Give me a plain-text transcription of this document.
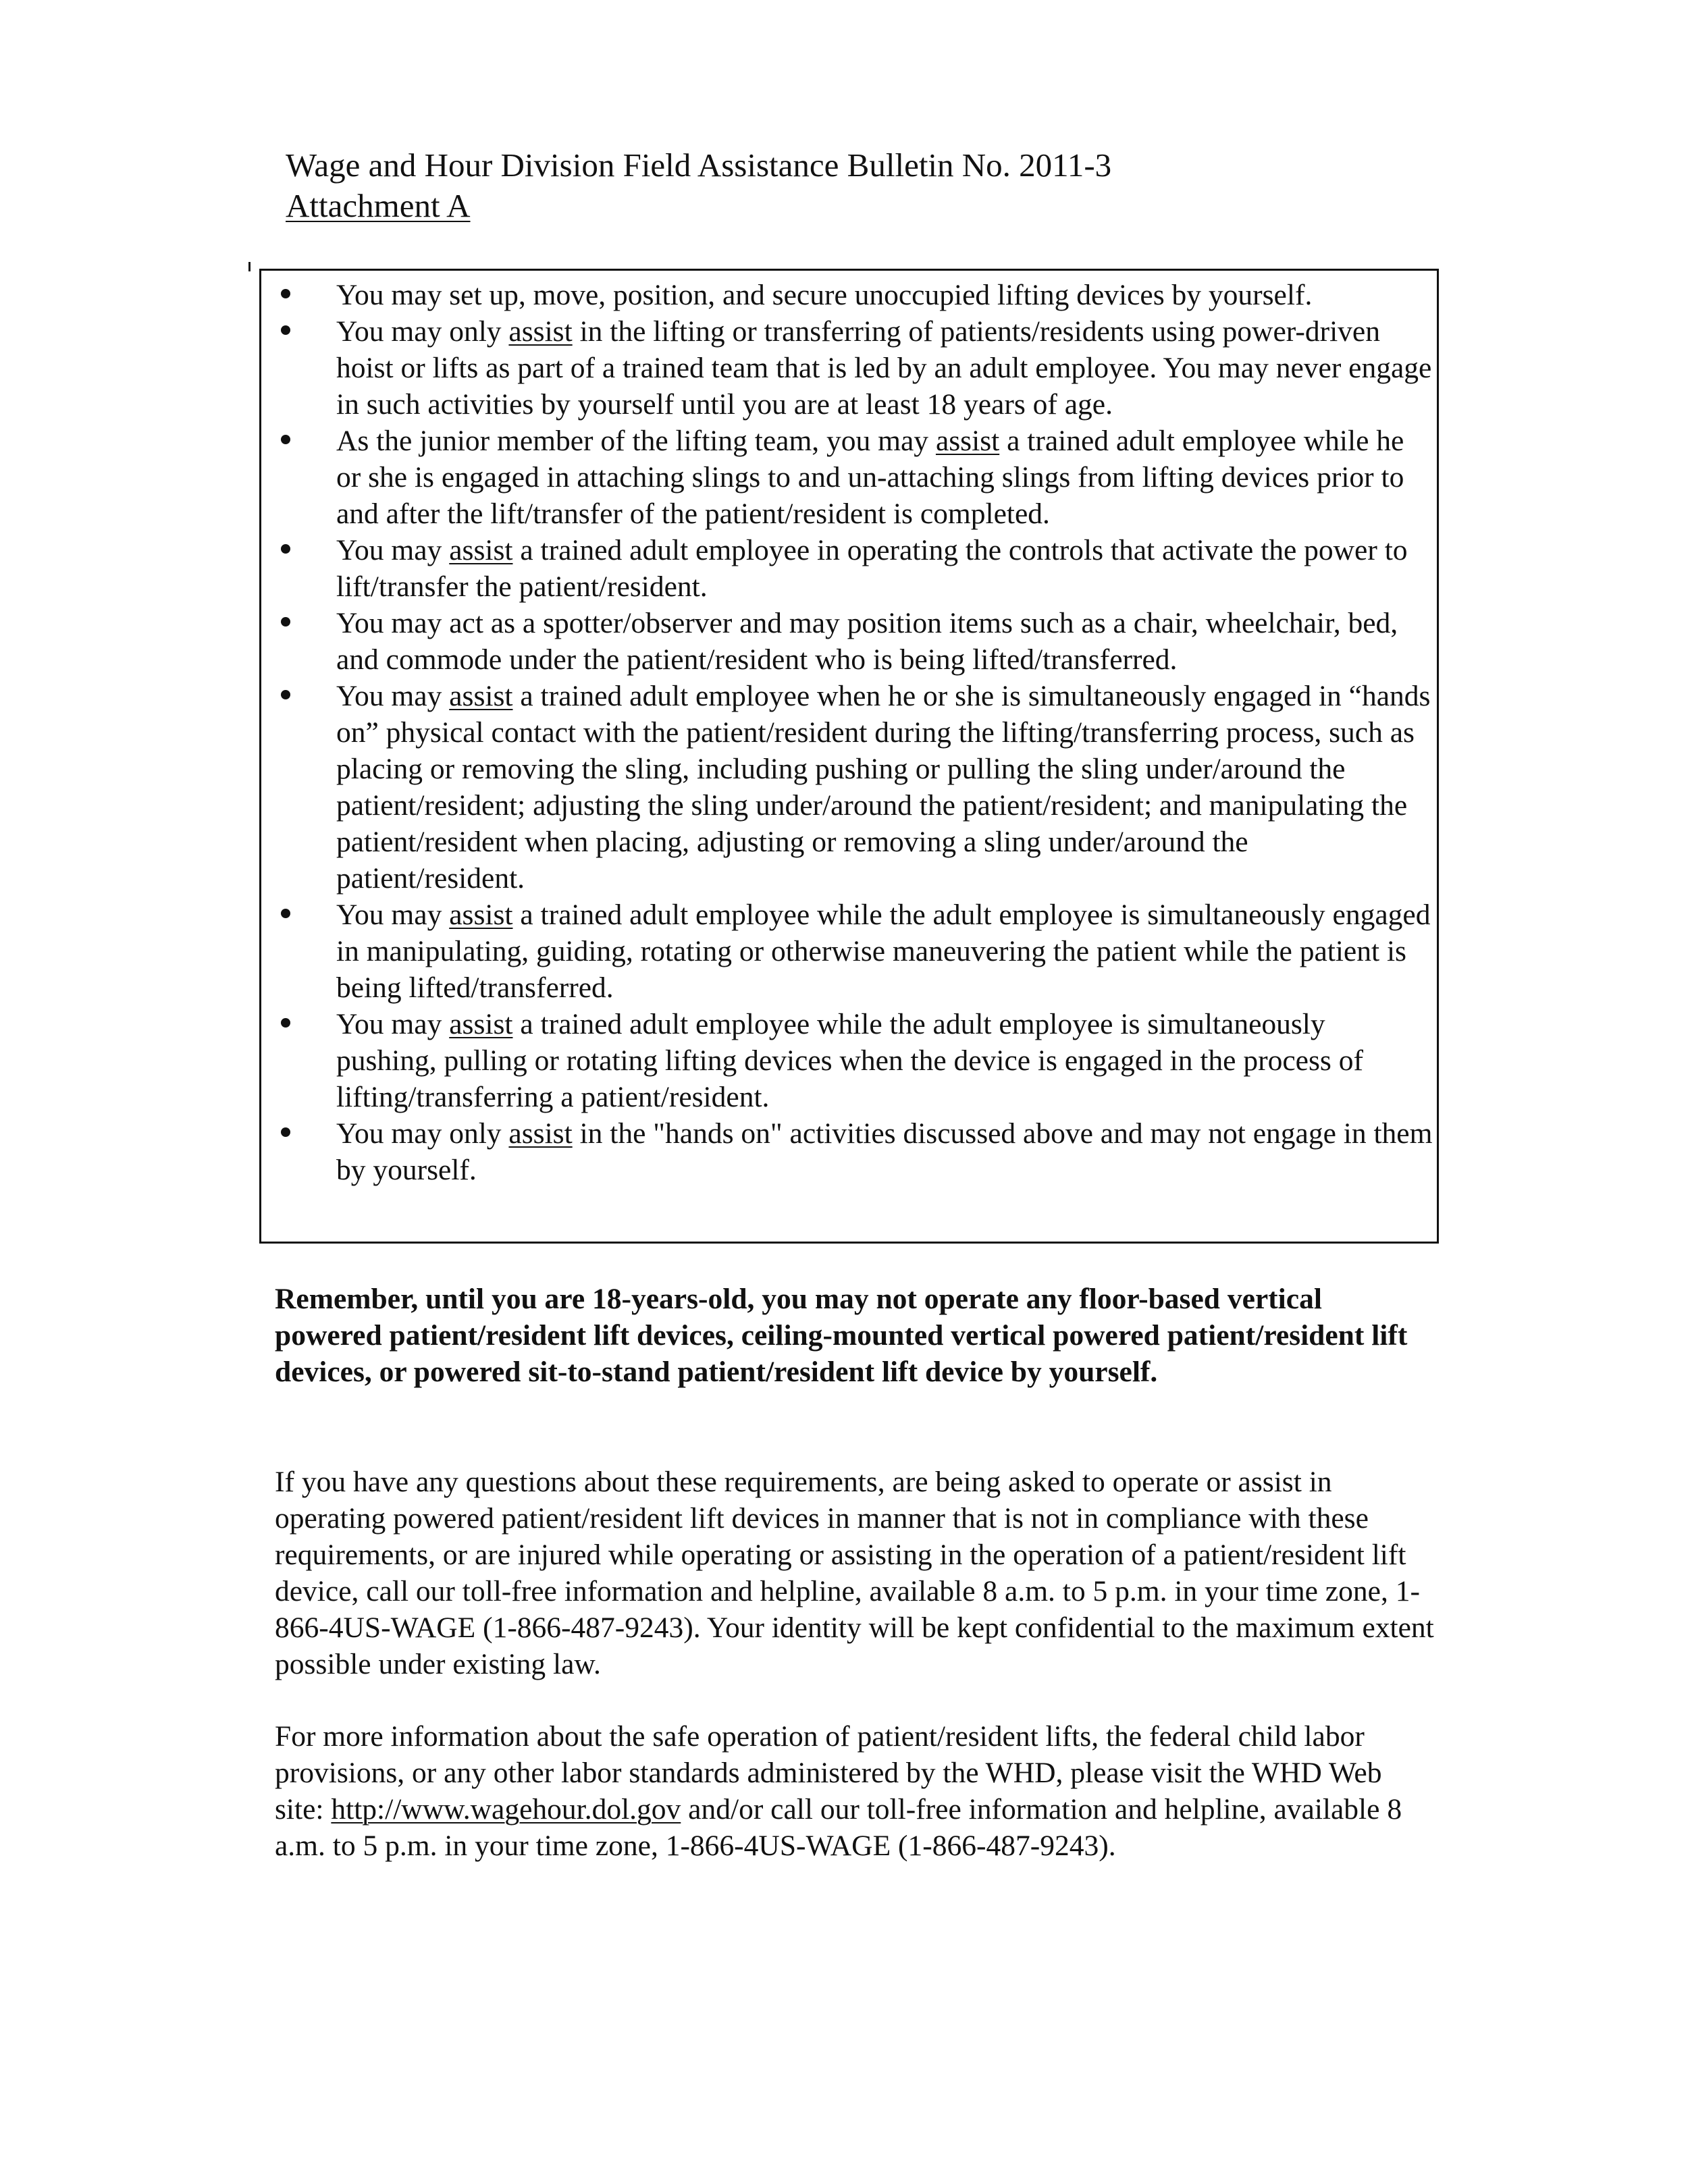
Wage and Hour Division Field Assistance Bulletin No. 2011-3
Attachment A
You may set up, move, position, and secure unoccupied lifting devices by yourself.
You may only assist in the lifting or transferring of patients/residents using power-driven hoist or lifts as part of a trained team that is led by an adult employee. You may never engage in such activities by yourself until you are at least 18 years of age.
As the junior member of the lifting team, you may assist a trained adult employee while he or she is engaged in attaching slings to and un-attaching slings from lifting devices prior to and after the lift/transfer of the patient/resident is completed.
You may assist a trained adult employee in operating the controls that activate the power to lift/transfer the patient/resident.
You may act as a spotter/observer and may position items such as a chair, wheelchair, bed, and commode under the patient/resident who is being lifted/transferred.
You may assist a trained adult employee when he or she is simultaneously engaged in “hands on” physical contact with the patient/resident during the lifting/transferring process, such as placing or removing the sling, including pushing or pulling the sling under/around the patient/resident; adjusting the sling under/around the patient/resident; and manipulating the patient/resident when placing, adjusting or removing a sling under/around the patient/resident.
You may assist a trained adult employee while the adult employee is simultaneously engaged in manipulating, guiding, rotating or otherwise maneuvering the patient while the patient is being lifted/transferred.
You may assist a trained adult employee while the adult employee is simultaneously pushing, pulling or rotating lifting devices when the device is engaged in the process of lifting/transferring a patient/resident.
You may only assist in the "hands on" activities discussed above and may not engage in them by yourself.

Remember, until you are 18-years-old, you may not operate any floor-based vertical powered patient/resident lift devices, ceiling-mounted vertical powered patient/resident lift devices, or powered sit-to-stand patient/resident lift device by yourself.

If you have any questions about these requirements, are being asked to operate or assist in operating powered patient/resident lift devices in manner that is not in compliance with these requirements, or are injured while operating or assisting in the operation of a patient/resident lift device, call our toll-free information and helpline, available 8 a.m. to 5 p.m. in your time zone, 1-866-4US-WAGE (1-866-487-9243). Your identity will be kept confidential to the maximum extent possible under existing law.

For more information about the safe operation of patient/resident lifts, the federal child labor provisions, or any other labor standards administered by the WHD, please visit the WHD Web site: http://www.wagehour.dol.gov and/or call our toll-free information and helpline, available 8 a.m. to 5 p.m. in your time zone, 1-866-4US-WAGE (1-866-487-9243).
